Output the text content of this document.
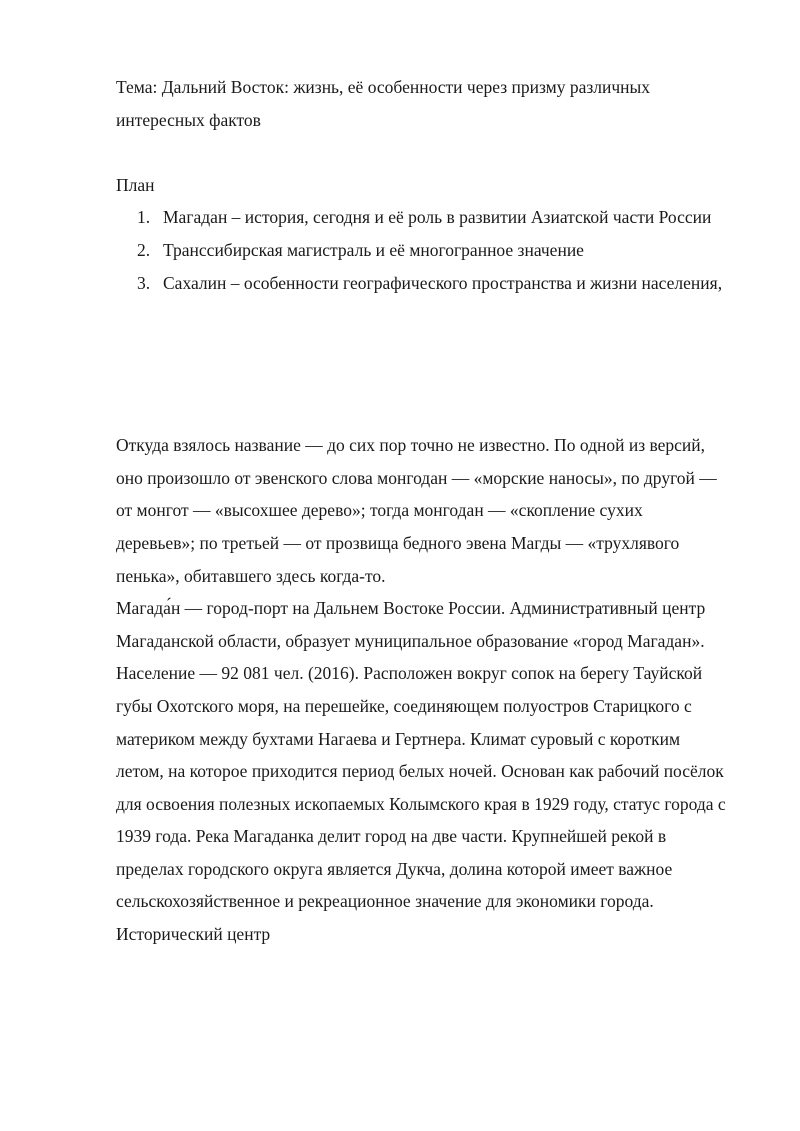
Тема: Дальний Восток: жизнь, её особенности через призму различных интересных фактов

План

1. Магадан – история, сегодня и её роль в развитии Азиатской части России
2. Транссибирская магистраль и её многогранное значение
3. Сахалин – особенности географического пространства и жизни населения,

Откуда взялось название — до сих пор точно не известно. По одной из версий, оно произошло от эвенского слова монгодан — «морские наносы», по другой — от монгот — «высохшее дерево»; тогда монгодан — «скопление сухих деревьев»; по третьей — от прозвища бедного эвена Магды — «трухлявого пенька», обитавшего здесь когда-то.

Магада́н — город-порт на Дальнем Востоке России. Административный центр Магаданской области, образует муниципальное образование «город Магадан».

Население — 92 081 чел. (2016). Расположен вокруг сопок на берегу Тауйской губы Охотского моря, на перешейке, соединяющем полуостров Старицкого с материком между бухтами Нагаева и Гертнера. Климат суровый с коротким летом, на которое приходится период белых ночей. Основан как рабочий посёлок для освоения полезных ископаемых Колымского края в 1929 году, статус города с 1939 года. Река Магаданка делит город на две части. Крупнейшей рекой в пределах городского округа является Дукча, долина которой имеет важное сельскохозяйственное и рекреационное значение для экономики города. Исторический центр
